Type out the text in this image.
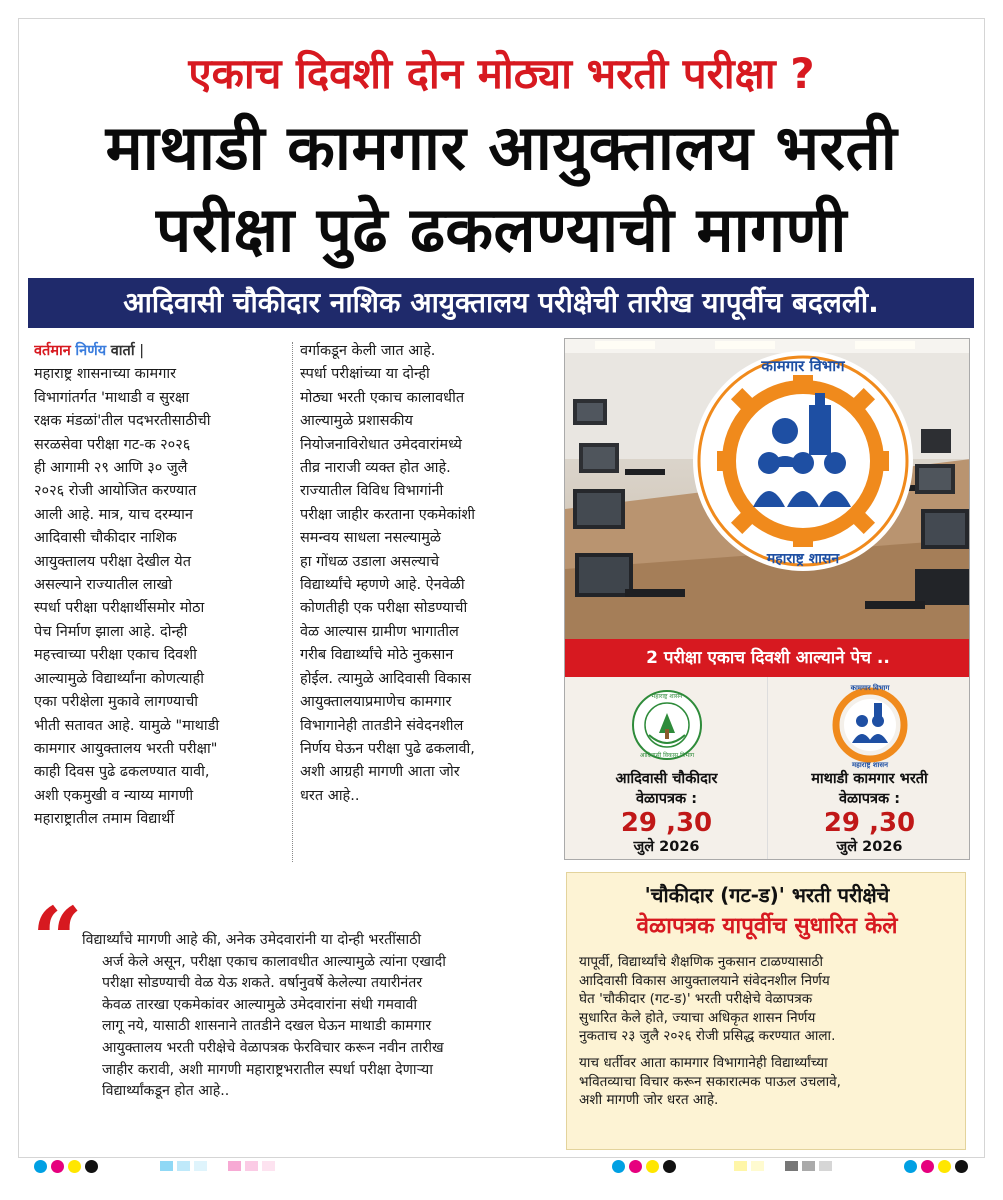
एकाच दिवशी दोन मोठ्या भरती परीक्षा ?
माथाडी कामगार आयुक्तालय भरती
परीक्षा पुढे ढकलण्याची मागणी
आदिवासी चौकीदार नाशिक आयुक्तालय परीक्षेची तारीख यापूर्वीच बदलली.

वर्तमान निर्णय वार्ता |

महाराष्ट्र शासनाच्या कामगार

विभागांतर्गत 'माथाडी व सुरक्षा

रक्षक मंडळां'तील पदभरतीसाठीची

सरळसेवा परीक्षा गट-क २०२६

ही आगामी २९ आणि ३० जुलै

२०२६ रोजी आयोजित करण्यात

आली आहे. मात्र, याच दरम्यान

आदिवासी चौकीदार नाशिक

आयुक्तालय परीक्षा देखील येत

असल्याने राज्यातील लाखो

स्पर्धा परीक्षा परीक्षार्थीसमोर मोठा

पेच निर्माण झाला आहे. दोन्ही

महत्त्वाच्या परीक्षा एकाच दिवशी

आल्यामुळे विद्यार्थ्यांना कोणत्याही

एका परीक्षेला मुकावे लागण्याची

भीती सतावत आहे. यामुळे "माथाडी

कामगार आयुक्तालय भरती परीक्षा"

काही दिवस पुढे ढकलण्यात यावी,

अशी एकमुखी व न्याय्य मागणी

महाराष्ट्रातील तमाम विद्यार्थी

वर्गाकडून केली जात आहे.

स्पर्धा परीक्षांच्या या दोन्ही

मोठ्या भरती एकाच कालावधीत

आल्यामुळे प्रशासकीय

नियोजनाविरोधात उमेदवारांमध्ये

तीव्र नाराजी व्यक्त होत आहे.

राज्यातील विविध विभागांनी

परीक्षा जाहीर करताना एकमेकांशी

समन्वय साधला नसल्यामुळे

हा गोंधळ उडाला असल्याचे

विद्यार्थ्यांचे म्हणणे आहे. ऐनवेळी

कोणतीही एक परीक्षा सोडण्याची

वेळ आल्यास ग्रामीण भागातील

गरीब विद्यार्थ्यांचे मोठे नुकसान

होईल. त्यामुळे आदिवासी विकास

आयुक्तालयाप्रमाणेच कामगार

विभागानेही तातडीने संवेदनशील

निर्णय घेऊन परीक्षा पुढे ढकलावी,

अशी आग्रही मागणी आता जोर

धरत आहे..

कामगार विभाग
महाराष्ट्र शासन
2 परीक्षा एकाच दिवशी आल्याने पेच ..
महाराष्ट्र शासन
आदिवासी विकास विभाग
आदिवासी चौकीदार
वेळापत्रक :
29 ,30
जुले 2026
कामगार विभाग
महाराष्ट्र शासन
माथाडी कामगार भरती
वेळापत्रक :
29 ,30
जुले 2026
“ विद्यार्थ्यांचे मागणी आहे की, अनेक उमेदवारांनी या दोन्ही भरतींसाठी

अर्ज केले असून, परीक्षा एकाच कालावधीत आल्यामुळे त्यांना एखादी

परीक्षा सोडण्याची वेळ येऊ शकते. वर्षानुवर्षे केलेल्या तयारीनंतर

केवळ तारखा एकमेकांवर आल्यामुळे उमेदवारांना संधी गमवावी

लागू नये, यासाठी शासनाने तातडीने दखल घेऊन माथाडी कामगार

आयुक्तालय भरती परीक्षेचे वेळापत्रक फेरविचार करून नवीन तारीख

जाहीर करावी, अशी मागणी महाराष्ट्रभरातील स्पर्धा परीक्षा देणाऱ्या

विद्यार्थ्यांकडून होत आहे..

'चौकीदार (गट-ड)' भरती परीक्षेचे
वेळापत्रक यापूर्वीच सुधारित केले

यापूर्वी, विद्यार्थ्यांचे शैक्षणिक नुकसान टाळण्यासाठी

आदिवासी विकास आयुक्तालयाने संवेदनशील निर्णय

घेत 'चौकीदार (गट-ड)' भरती परीक्षेचे वेळापत्रक

सुधारित केले होते, ज्याचा अधिकृत शासन निर्णय

नुकताच २३ जुलै २०२६ रोजी प्रसिद्ध करण्यात आला.

याच धर्तीवर आता कामगार विभागानेही विद्यार्थ्यांच्या

भवितव्याचा विचार करून सकारात्मक पाऊल उचलावे,

अशी मागणी जोर धरत आहे.
